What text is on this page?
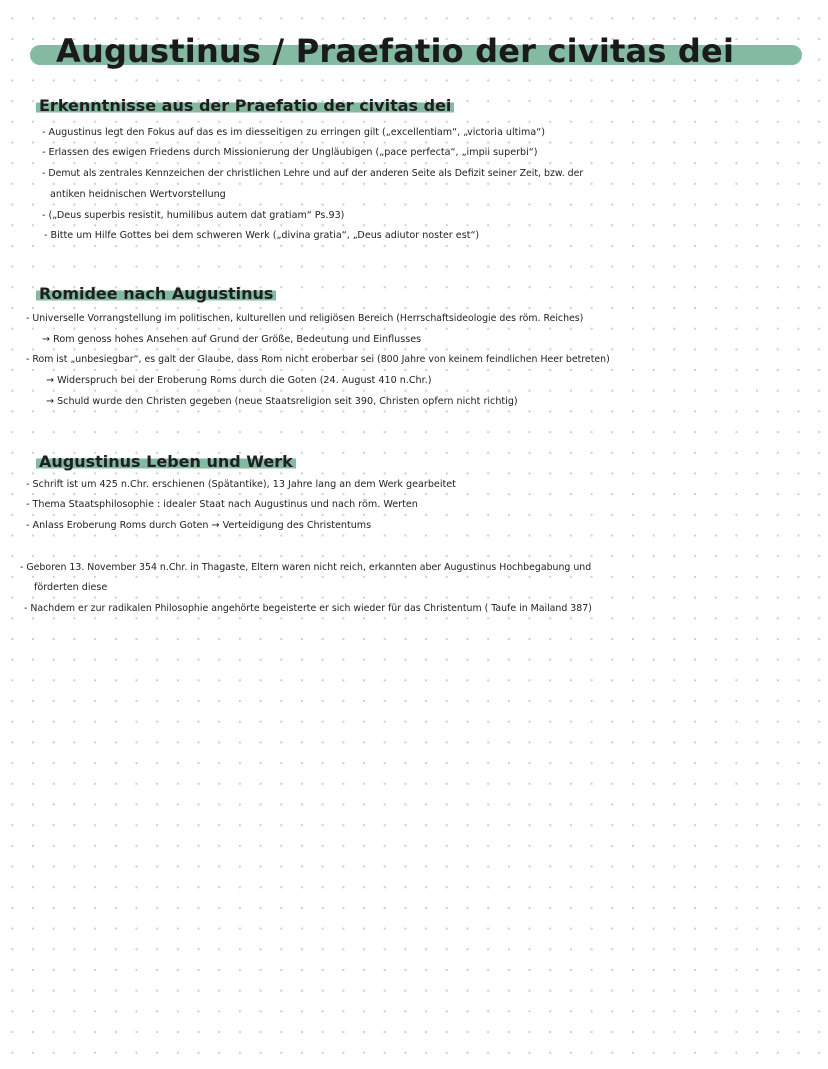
Augustinus / Praefatio der civitas dei
Erkenntnisse aus der Praefatio der civitas dei

- Augustinus legt den Fokus auf das es im diesseitigen zu erringen gilt („excellentiam“, „victoria ultima“)

- Erlassen des ewigen Friedens durch Missionierung der Ungläubigen („pace perfecta“, „impii superbi“)

- Demut als zentrales Kennzeichen der christlichen Lehre und auf der anderen Seite als Defizit seiner Zeit, bzw. der

antiken heidnischen Wertvorstellung

- („Deus superbis resistit, humilibus autem dat gratiam“ Ps.93)

- Bitte um Hilfe Gottes bei dem schweren Werk („divina gratia“, „Deus adiutor noster est“)

Romidee nach Augustinus

- Universelle Vorrangstellung im politischen, kulturellen und religiösen Bereich (Herrschaftsideologie des röm. Reiches)

→ Rom genoss hohes Ansehen auf Grund der Größe, Bedeutung und Einflusses

- Rom ist „unbesiegbar“, es galt der Glaube, dass Rom nicht eroberbar sei (800 Jahre von keinem feindlichen Heer betreten)

→ Widerspruch bei der Eroberung Roms durch die Goten (24. August 410 n.Chr.)

→ Schuld wurde den Christen gegeben (neue Staatsreligion seit 390, Christen opfern nicht richtig)

Augustinus Leben und Werk

- Schrift ist um 425 n.Chr. erschienen (Spätantike), 13 Jahre lang an dem Werk gearbeitet

- Thema Staatsphilosophie : idealer Staat nach Augustinus und nach röm. Werten

- Anlass Eroberung Roms durch Goten → Verteidigung des Christentums

- Geboren 13. November 354 n.Chr. in Thagaste, Eltern waren nicht reich, erkannten aber Augustinus Hochbegabung und

förderten diese

- Nachdem er zur radikalen Philosophie angehörte begeisterte er sich wieder für das Christentum ( Taufe in Mailand 387)
